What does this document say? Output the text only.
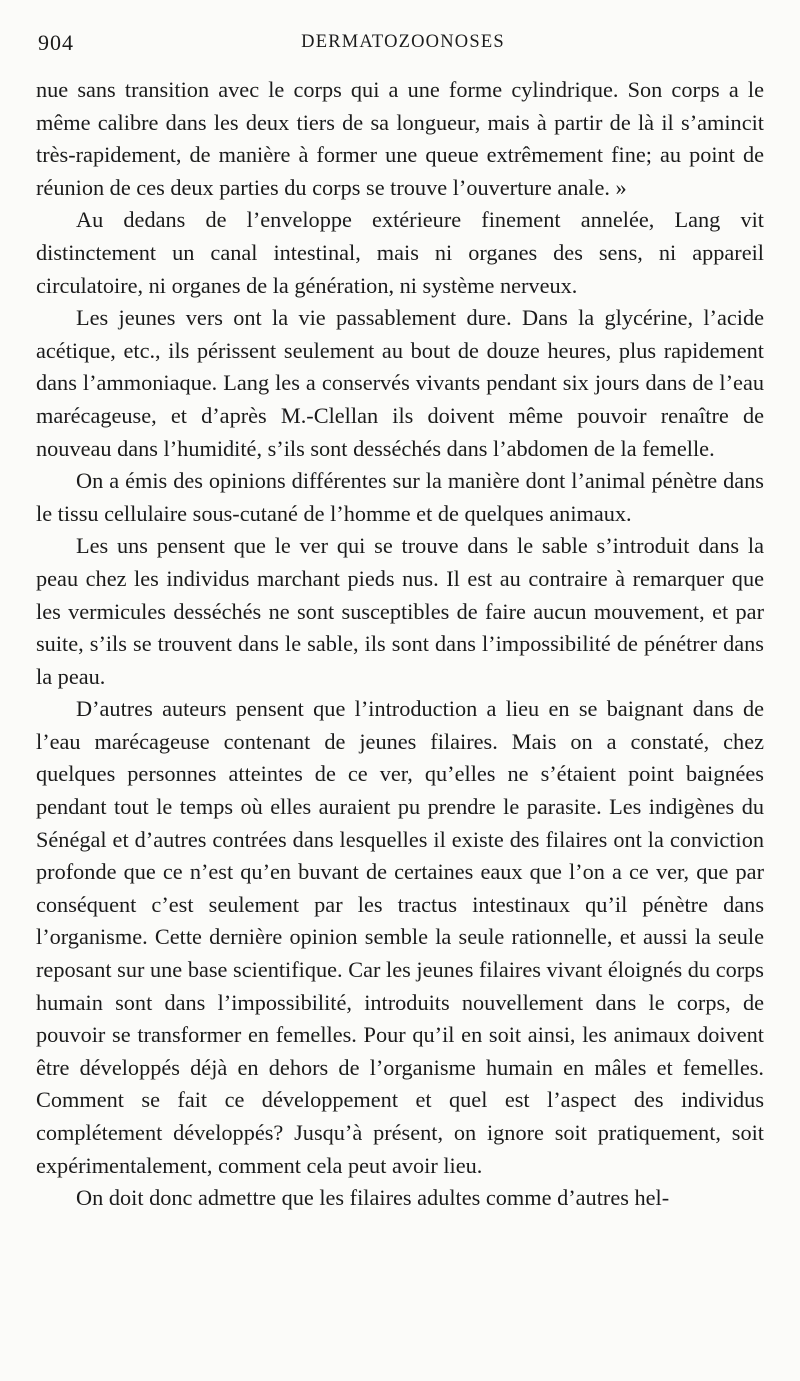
904	DERMATOZOONOSES

nue sans transition avec le corps qui a une forme cylindrique. Son corps a le même calibre dans les deux tiers de sa longueur, mais à partir de là il s’amincit très-rapidement, de manière à former une queue extrêmement fine; au point de réunion de ces deux parties du corps se trouve l’ouverture anale. »

Au dedans de l’enveloppe extérieure finement annelée, Lang vit distinctement un canal intestinal, mais ni organes des sens, ni appareil circulatoire, ni organes de la génération, ni système nerveux.

Les jeunes vers ont la vie passablement dure. Dans la glycérine, l’acide acétique, etc., ils périssent seulement au bout de douze heures, plus rapidement dans l’ammoniaque. Lang les a conservés vivants pendant six jours dans de l’eau marécageuse, et d’après M.-Clellan ils doivent même pouvoir renaître de nouveau dans l’humidité, s’ils sont desséchés dans l’abdomen de la femelle.

On a émis des opinions différentes sur la manière dont l’animal pénètre dans le tissu cellulaire sous-cutané de l’homme et de quelques animaux.

Les uns pensent que le ver qui se trouve dans le sable s’introduit dans la peau chez les individus marchant pieds nus. Il est au contraire à remarquer que les vermicules desséchés ne sont susceptibles de faire aucun mouvement, et par suite, s’ils se trouvent dans le sable, ils sont dans l’impossibilité de pénétrer dans la peau.

D’autres auteurs pensent que l’introduction a lieu en se baignant dans de l’eau marécageuse contenant de jeunes filaires. Mais on a constaté, chez quelques personnes atteintes de ce ver, qu’elles ne s’étaient point baignées pendant tout le temps où elles auraient pu prendre le parasite. Les indigènes du Sénégal et d’autres contrées dans lesquelles il existe des filaires ont la conviction profonde que ce n’est qu’en buvant de certaines eaux que l’on a ce ver, que par conséquent c’est seulement par les tractus intestinaux qu’il pénètre dans l’organisme. Cette dernière opinion semble la seule rationnelle, et aussi la seule reposant sur une base scientifique. Car les jeunes filaires vivant éloignés du corps humain sont dans l’impossibilité, introduits nouvellement dans le corps, de pouvoir se transformer en femelles. Pour qu’il en soit ainsi, les animaux doivent être développés déjà en dehors de l’organisme humain en mâles et femelles. Comment se fait ce développement et quel est l’aspect des individus complétement développés? Jusqu’à présent, on ignore soit pratiquement, soit expérimentalement, comment cela peut avoir lieu.

On doit donc admettre que les filaires adultes comme d’autres hel-
